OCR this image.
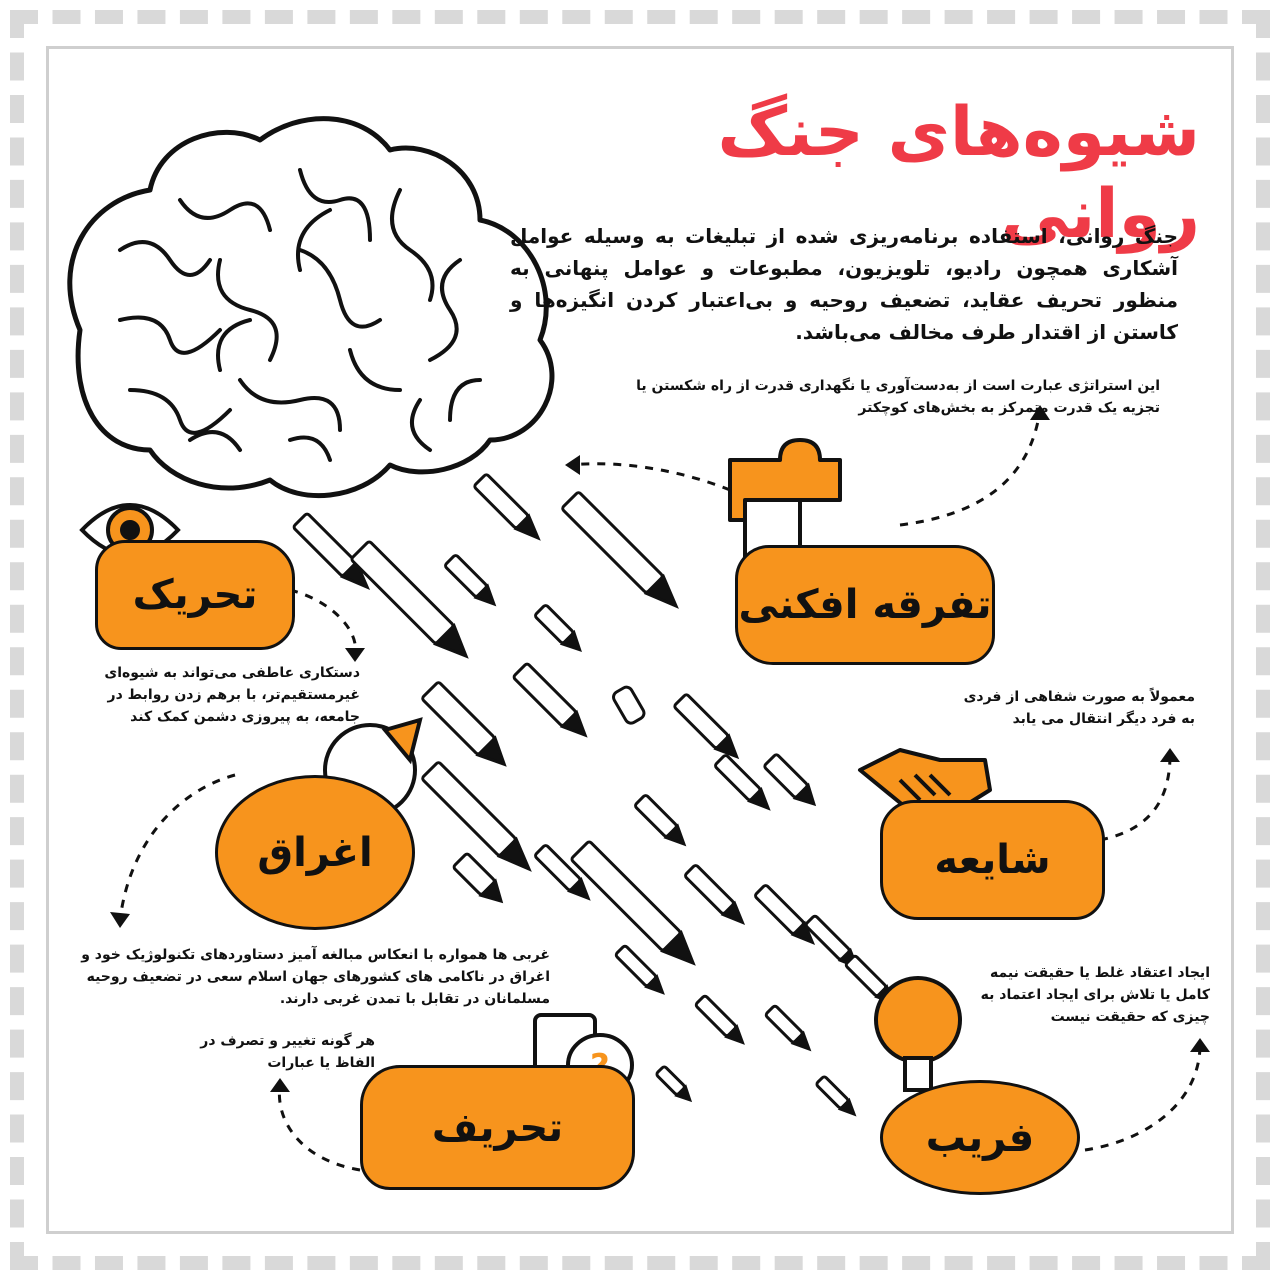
شیوه‌های جنگ روانی
جنگ روانی، استفاده برنامه‌ریزی شده از تبلیغات به وسیله عوامل آشکاری همچون رادیو، تلویزیون، مطبوعات و عوامل پنهانی به منظور تحریف عقاید، تضعیف روحیه و بی‌اعتبار کردن انگیزه‌ها و کاستن از اقتدار طرف مخالف می‌باشد.
تفرقه افکنی
این استراتژی عبارت است از به‌دست‌آوری یا نگهداری قدرت از راه شکستن یا تجزیه یک قدرت متمرکز به بخش‌های کوچکتر
تحریک
دستکاری عاطفی می‌تواند به شیوه‌ای غیرمستقیم‌تر، با برهم زدن روابط در جامعه، به پیروزی دشمن کمک کند
شایعه
معمولاً به صورت شفاهی از فردی به فرد دیگر انتقال می یابد
اغراق
غربی ها همواره با انعکاس مبالغه آمیز دستاوردهای تکنولوژیک خود و اغراق در ناکامی های کشورهای جهان اسلام سعی در تضعیف روحیه مسلمانان در تقابل با تمدن غربی دارند.
فریب
ایجاد اعتقاد غلط یا حقیقت نیمه کامل یا تلاش برای ایجاد اعتماد به چیزی که حقیقت نیست
تحریف
هر گونه تغییر و تصرف در الفاظ یا عبارات
